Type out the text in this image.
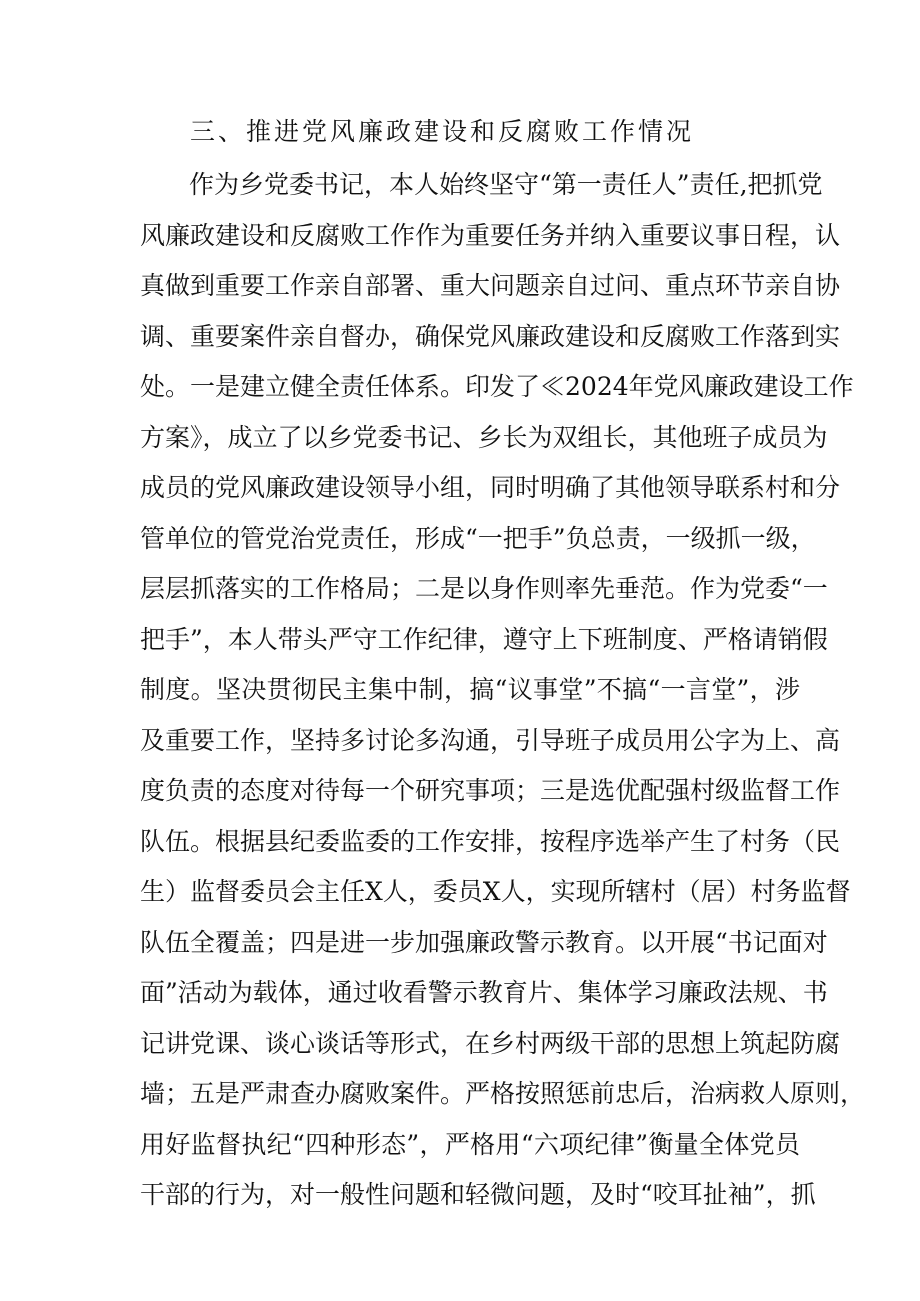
三、推进党风廉政建设和反腐败工作情况
作为乡党委书记，本人始终坚守“第一责任人”责任,把抓党
风廉政建设和反腐败工作作为重要任务并纳入重要议事日程，认
真做到重要工作亲自部署、重大问题亲自过问、重点环节亲自协
调、重要案件亲自督办，确保党风廉政建设和反腐败工作落到实
处。一是建立健全责任体系。印发了≪2024年党风廉政建设工作
方案》，成立了以乡党委书记、乡长为双组长，其他班子成员为
成员的党风廉政建设领导小组，同时明确了其他领导联系村和分
管单位的管党治党责任，形成“一把手”负总责，一级抓一级，
层层抓落实的工作格局；二是以身作则率先垂范。作为党委“一
把手”，本人带头严守工作纪律，遵守上下班制度、严格请销假
制度。坚决贯彻民主集中制，搞“议事堂”不搞“一言堂”，涉
及重要工作，坚持多讨论多沟通，引导班子成员用公字为上、高
度负责的态度对待每一个研究事项；三是选优配强村级监督工作
队伍。根据县纪委监委的工作安排，按程序选举产生了村务（民
生）监督委员会主任X人，委员X人，实现所辖村（居）村务监督
队伍全覆盖；四是进一步加强廉政警示教育。以开展“书记面对
面”活动为载体，通过收看警示教育片、集体学习廉政法规、书
记讲党课、谈心谈话等形式，在乡村两级干部的思想上筑起防腐
墙；五是严肃查办腐败案件。严格按照惩前忠后，治病救人原则，
用好监督执纪“四种形态”，严格用“六项纪律”衡量全体党员
干部的行为，对一般性问题和轻微问题，及时“咬耳扯袖”，抓
